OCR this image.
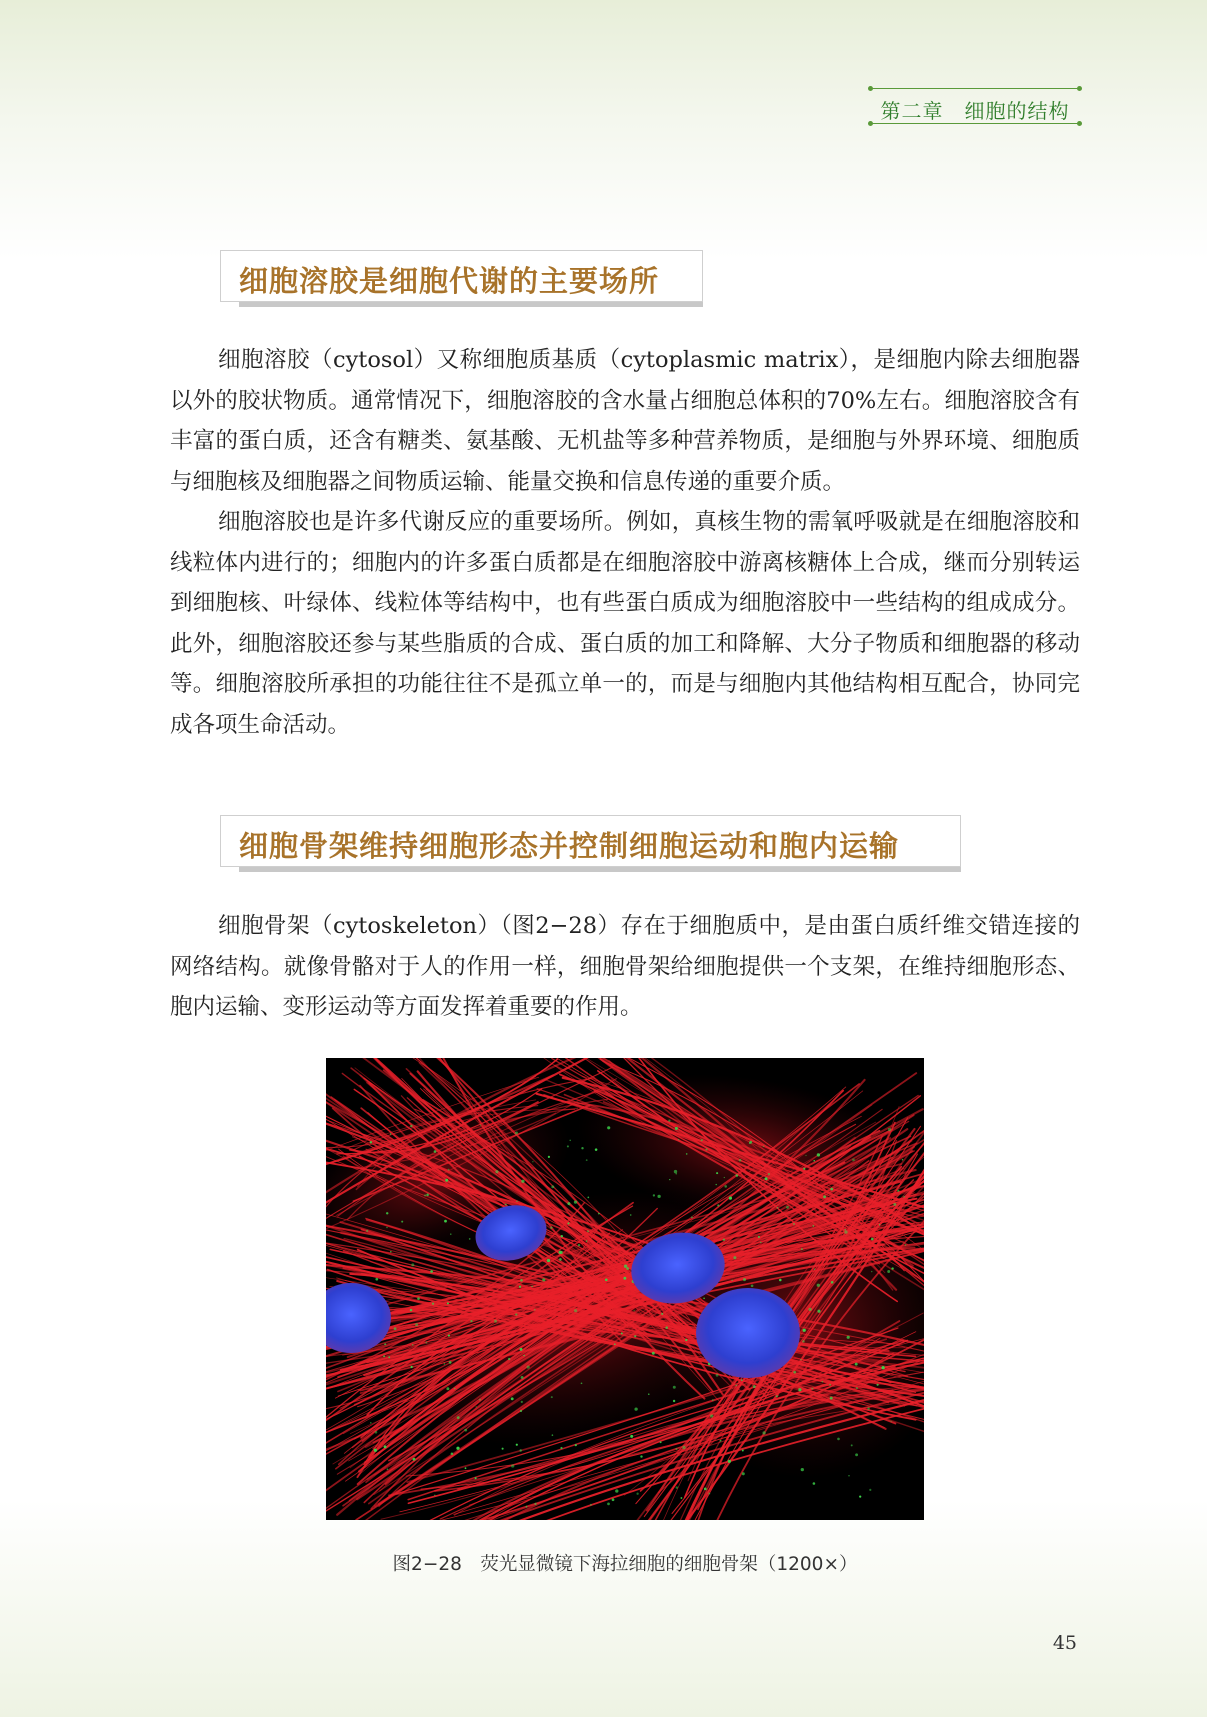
第二章　细胞的结构
细胞溶胶是细胞代谢的主要场所

细胞溶胶（cytosol）又称细胞质基质（cytoplasmic matrix），是细胞内除去细胞器以外的胶状物质。通常情况下，细胞溶胶的含水量占细胞总体积的70%左右。细胞溶胶含有丰富的蛋白质，还含有糖类、氨基酸、无机盐等多种营养物质，是细胞与外界环境、细胞质与细胞核及细胞器之间物质运输、能量交换和信息传递的重要介质。

细胞溶胶也是许多代谢反应的重要场所。例如，真核生物的需氧呼吸就是在细胞溶胶和线粒体内进行的；细胞内的许多蛋白质都是在细胞溶胶中游离核糖体上合成，继而分别转运到细胞核、叶绿体、线粒体等结构中，也有些蛋白质成为细胞溶胶中一些结构的组成成分。此外，细胞溶胶还参与某些脂质的合成、蛋白质的加工和降解、大分子物质和细胞器的移动等。细胞溶胶所承担的功能往往不是孤立单一的，而是与细胞内其他结构相互配合，协同完成各项生命活动。

细胞骨架维持细胞形态并控制细胞运动和胞内运输

细胞骨架（cytoskeleton）（图2−28）存在于细胞质中，是由蛋白质纤维交错连接的网络结构。就像骨骼对于人的作用一样，细胞骨架给细胞提供一个支架，在维持细胞形态、胞内运输、变形运动等方面发挥着重要的作用。

图2−28　荧光显微镜下海拉细胞的细胞骨架（1200×）
45
